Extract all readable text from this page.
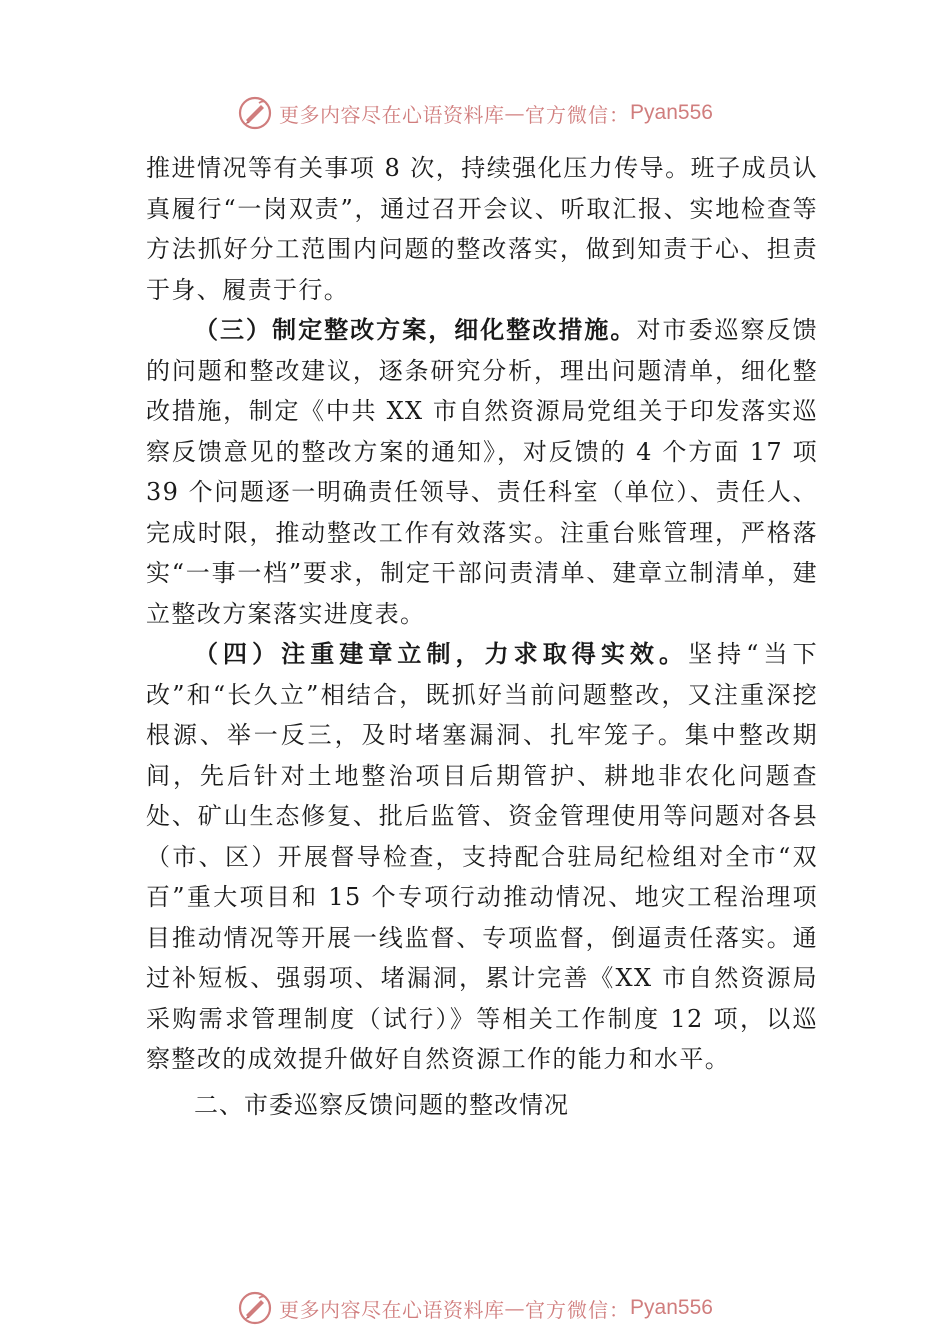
更多内容尽在心语资料库 — 官方微信： Pyan556

推进情况等有关事项 8 次，持续强化压力传导。班子成员认真履行“一岗双责”，通过召开会议、听取汇报、实地检查等方法抓好分工范围内问题的整改落实，做到知责于心、担责于身、履责于行。

（三）制定整改方案，细化整改措施。对市委巡察反馈的问题和整改建议，逐条研究分析，理出问题清单，细化整改措施，制定《中共 XX 市自然资源局党组关于印发落实巡察反馈意见的整改方案的通知》，对反馈的 4 个方面 17 项 39 个问题逐一明确责任领导、责任科室（单位）、责任人、完成时限，推动整改工作有效落实。注重台账管理，严格落实“一事一档”要求，制定干部问责清单、建章立制清单，建立整改方案落实进度表。

（四）注重建章立制，力求取得实效。坚持“当下改”和“长久立”相结合，既抓好当前问题整改，又注重深挖根源、举一反三，及时堵塞漏洞、扎牢笼子。集中整改期间，先后针对土地整治项目后期管护、耕地非农化问题查处、矿山生态修复、批后监管、资金管理使用等问题对各县（市、区）开展督导检查，支持配合驻局纪检组对全市“双百”重大项目和 15 个专项行动推动情况、地灾工程治理项目推动情况等开展一线监督、专项监督，倒逼责任落实。通过补短板、强弱项、堵漏洞，累计完善《XX 市自然资源局采购需求管理制度（试行）》等相关工作制度 12 项，以巡察整改的成效提升做好自然资源工作的能力和水平。

二、市委巡察反馈问题的整改情况
更多内容尽在心语资料库 — 官方微信： Pyan556
